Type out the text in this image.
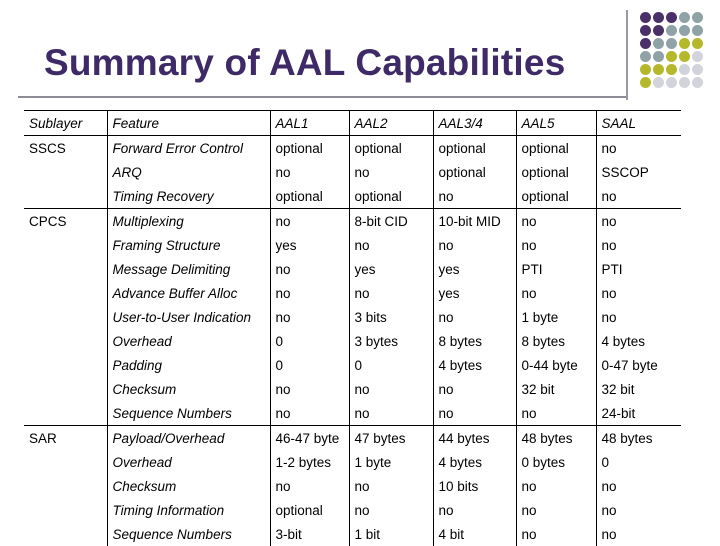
Summary of AAL Capabilities
Sublayer	Feature	AAL1	AAL2	AAL3/4	AAL5	SAAL
SSCS	Forward Error Control	optional	optional	optional	optional	no
	ARQ	no	no	optional	optional	SSCOP
	Timing Recovery	optional	optional	no	optional	no
CPCS	Multiplexing	no	8-bit CID	10-bit MID	no	no
	Framing Structure	yes	no	no	no	no
	Message Delimiting	no	yes	yes	PTI	PTI
	Advance Buffer Alloc	no	no	yes	no	no
	User-to-User Indication	no	3 bits	no	1 byte	no
	Overhead	0	3 bytes	8 bytes	8 bytes	4 bytes
	Padding	0	0	4 bytes	0-44 byte	0-47 byte
	Checksum	no	no	no	32 bit	32 bit
	Sequence Numbers	no	no	no	no	24-bit
SAR	Payload/Overhead	46-47 byte	47 bytes	44 bytes	48 bytes	48 bytes
	Overhead	1-2 bytes	1 byte	4 bytes	0 bytes	0
	Checksum	no	no	10 bits	no	no
	Timing Information	optional	no	no	no	no
	Sequence Numbers	3-bit	1 bit	4 bit	no	no
